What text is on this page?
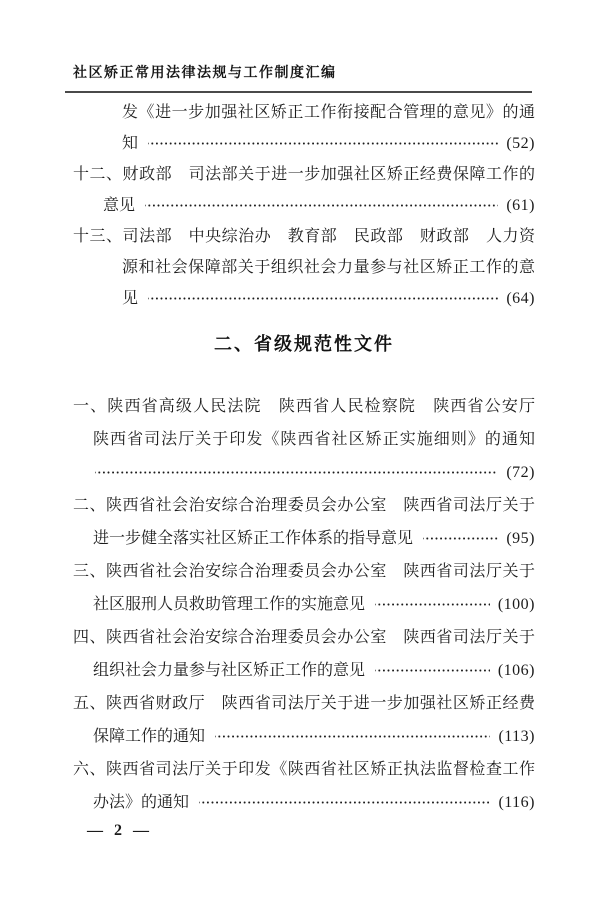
社区矫正常用法律法规与工作制度汇编
发《进一步加强社区矫正工作衔接配合管理的意见》的通
知	(52)
十二、财政部　司法部关于进一步加强社区矫正经费保障工作的
意见	(61)
十三、司法部　中央综治办　教育部　民政部　财政部　人力资
源和社会保障部关于组织社会力量参与社区矫正工作的意
见	(64)
二、省级规范性文件
一、陕西省高级人民法院　陕西省人民检察院　陕西省公安厅
陕西省司法厅关于印发《陕西省社区矫正实施细则》的通知
(72)
二、陕西省社会治安综合治理委员会办公室　陕西省司法厅关于
进一步健全落实社区矫正工作体系的指导意见	(95)
三、陕西省社会治安综合治理委员会办公室　陕西省司法厅关于
社区服刑人员救助管理工作的实施意见	(100)
四、陕西省社会治安综合治理委员会办公室　陕西省司法厅关于
组织社会力量参与社区矫正工作的意见	(106)
五、陕西省财政厅　陕西省司法厅关于进一步加强社区矫正经费
保障工作的通知	(113)
六、陕西省司法厅关于印发《陕西省社区矫正执法监督检查工作
办法》的通知	(116)
— 2 —
